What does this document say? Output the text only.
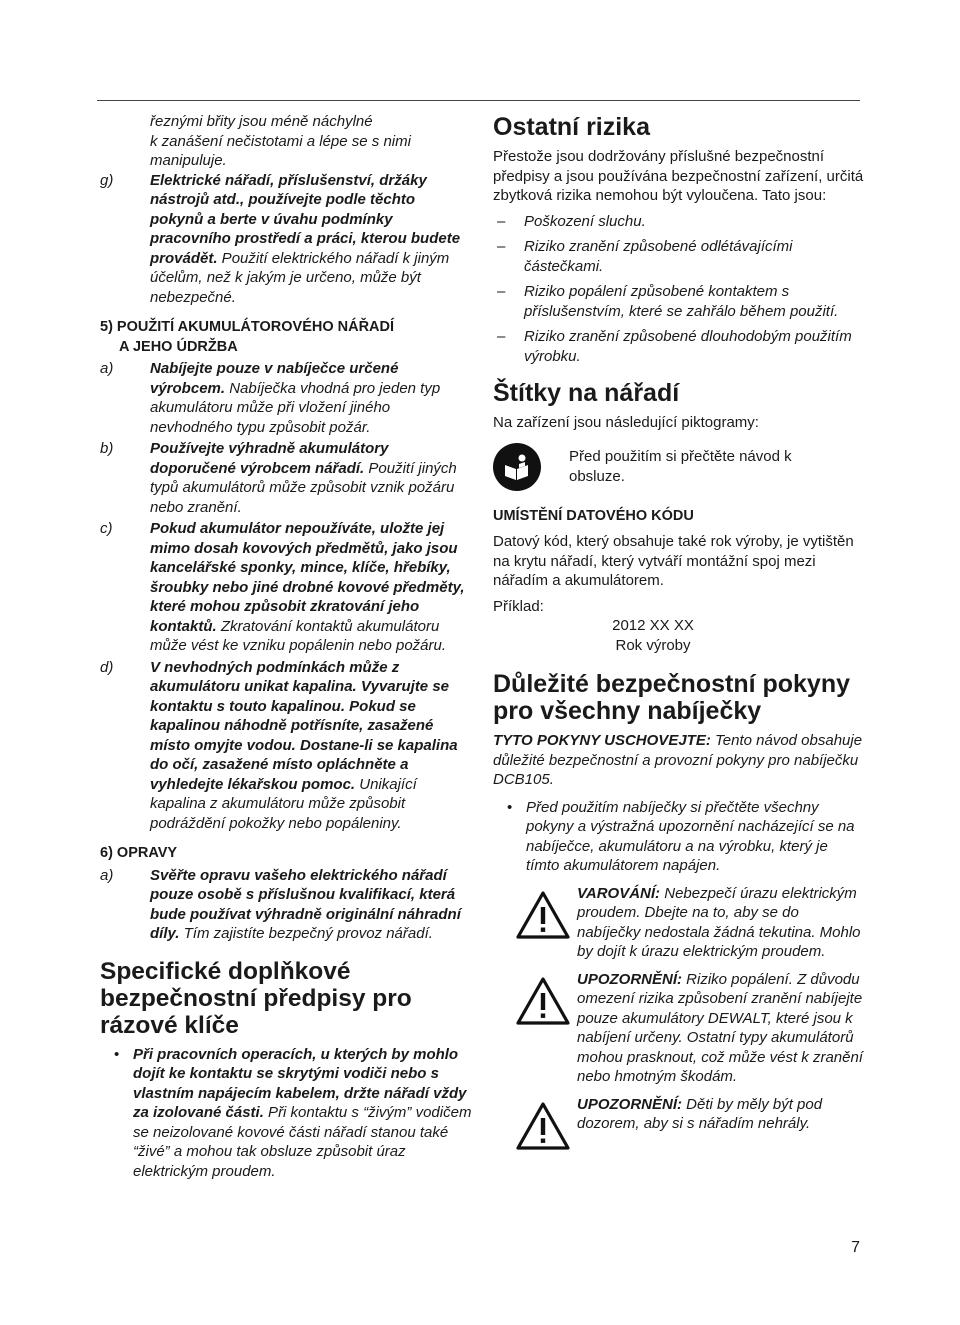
řeznými břity jsou méně náchylné
k zanášení nečistotami a lépe se s nimi
manipuluje.
g)	Elektrické nářadí, příslušenství, držáky nástrojů atd., používejte podle těchto pokynů a berte v úvahu podmínky pracovního prostředí a práci, kterou budete provádět. Použití elektrického nářadí k jiným účelům, než k jakým je určeno, může být nebezpečné.
5) POUŽITÍ AKUMULÁTOROVÉHO NÁŘADÍ
A JEHO ÚDRŽBA
a)	Nabíjejte pouze v nabíječce určené výrobcem. Nabíječka vhodná pro jeden typ akumulátoru může při vložení jiného nevhodného typu způsobit požár.
b)	Používejte výhradně akumulátory doporučené výrobcem nářadí. Použití jiných typů akumulátorů může způsobit vznik požáru nebo zranění.
c)	Pokud akumulátor nepoužíváte, uložte jej mimo dosah kovových předmětů, jako jsou kancelářské sponky, mince, klíče, hřebíky, šroubky nebo jiné drobné kovové předměty, které mohou způsobit zkratování jeho kontaktů. Zkratování kontaktů akumulátoru může vést ke vzniku popálenin nebo požáru.
d)	V nevhodných podmínkách může z akumulátoru unikat kapalina. Vyvarujte se kontaktu s touto kapalinou. Pokud se kapalinou náhodně potřísníte, zasažené místo omyjte vodou. Dostane-li se kapalina do očí, zasažené místo opláchněte a vyhledejte lékařskou pomoc. Unikající kapalina z akumulátoru může způsobit podráždění pokožky nebo popáleniny.
6) OPRAVY
a)	Svěřte opravu vašeho elektrického nářadí pouze osobě s příslušnou kvalifikací, která bude používat výhradně originální náhradní díly. Tím zajistíte bezpečný provoz nářadí.
Specifické doplňkové bezpečnostní předpisy pro rázové klíče
• Při pracovních operacích, u kterých by mohlo dojít ke kontaktu se skrytými vodiči nebo s vlastním napájecím kabelem, držte nářadí vždy za izolované části. Při kontaktu s “živým” vodičem se neizolované kovové části nářadí stanou také “živé” a mohou tak obsluze způsobit úraz elektrickým proudem.
Ostatní rizika

Přestože jsou dodržovány příslušné bezpečnostní předpisy a jsou používána bezpečnostní zařízení, určitá zbytková rizika nemohou být vyloučena. Tato jsou:

–	Poškození sluchu.
–	Riziko zranění způsobené odlétávajícími částečkami.
–	Riziko popálení způsobené kontaktem s příslušenstvím, které se zahřálo během použití.
–	Riziko zranění způsobené dlouhodobým použitím výrobku.
Štítky na nářadí

Na zařízení jsou následující piktogramy:

Před použitím si přečtěte návod k obsluze.
UMÍSTĚNÍ DATOVÉHO KÓDU

Datový kód, který obsahuje také rok výroby, je vytištěn na krytu nářadí, který vytváří montážní spoj mezi nářadím a akumulátorem.

Příklad:

2012 XX XX
Rok výroby
Důležité bezpečnostní pokyny pro všechny nabíječky

TYTO POKYNY USCHOVEJTE: Tento návod obsahuje důležité bezpečnostní a provozní pokyny pro nabíječku DCB105.

• Před použitím nabíječky si přečtěte všechny pokyny a výstražná upozornění nacházející se na nabíječce, akumulátoru a na výrobku, který je tímto akumulátorem napájen.
VAROVÁNÍ: Nebezpečí úrazu elektrickým proudem. Dbejte na to, aby se do nabíječky nedostala žádná tekutina. Mohlo by dojít k úrazu elektrickým proudem.
UPOZORNĚNÍ: Riziko popálení. Z důvodu omezení rizika způsobení zranění nabíjejte pouze akumulátory DEWALT, které jsou k nabíjení určeny. Ostatní typy akumulátorů mohou prasknout, což může vést k zranění nebo hmotným škodám.
UPOZORNĚNÍ: Děti by měly být pod dozorem, aby si s nářadím nehrály.
7
